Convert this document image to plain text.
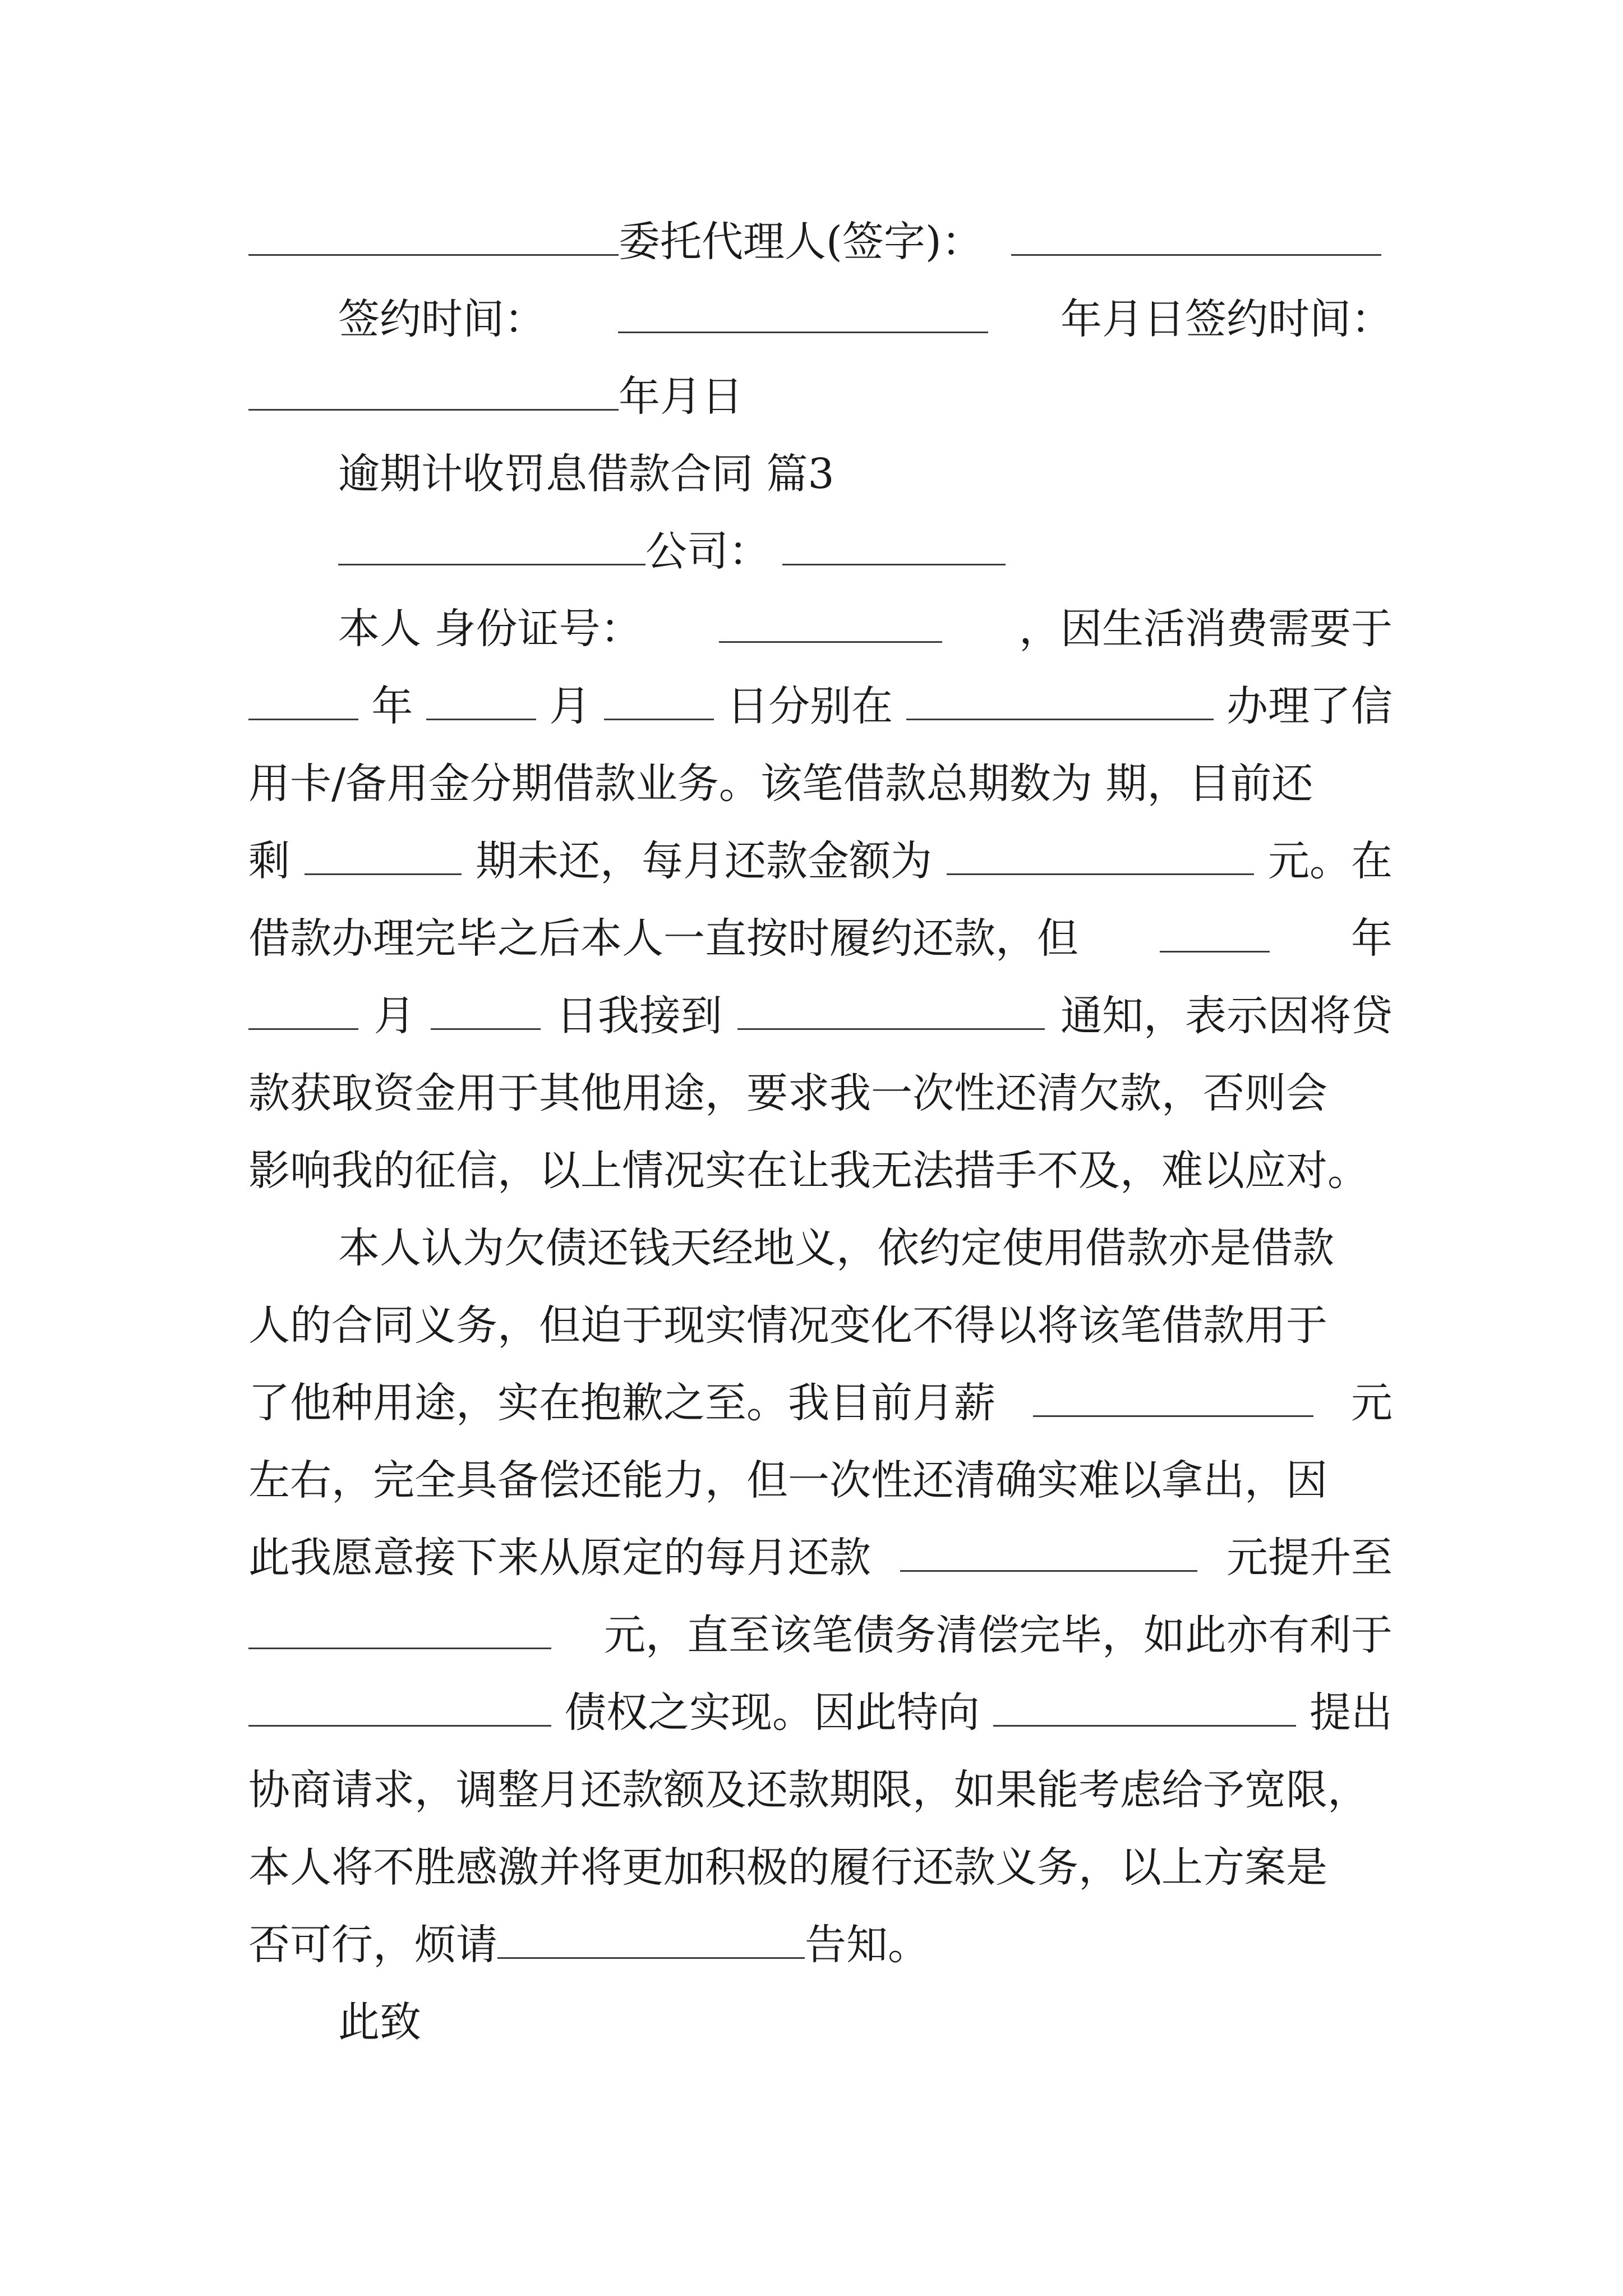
委托代理人(签字)：
签约时间：	年月日签约时间：
年月日
逾期计收罚息借款合同 篇3
公司：
本人 身份证号：	，因生活消费需要于
年	月	日分别在	办理了信
用卡/备用金分期借款业务。该笔借款总期数为 期，目前还
剩	期未还，每月还款金额为	元。在
借款办理完毕之后本人一直按时履约还款，但	年
月	日我接到	通知，表示因将贷
款获取资金用于其他用途，要求我一次性还清欠款，否则会
影响我的征信，以上情况实在让我无法措手不及，难以应对。
本人认为欠债还钱天经地义，依约定使用借款亦是借款
人的合同义务，但迫于现实情况变化不得以将该笔借款用于
了他种用途，实在抱歉之至。我目前月薪	元
左右，完全具备偿还能力，但一次性还清确实难以拿出，因
此我愿意接下来从原定的每月还款	元提升至
元，直至该笔债务清偿完毕，如此亦有利于
债权之实现。因此特向	提出
协商请求，调整月还款额及还款期限，如果能考虑给予宽限，
本人将不胜感激并将更加积极的履行还款义务，以上方案是
否可行，烦请	告知。
此致
